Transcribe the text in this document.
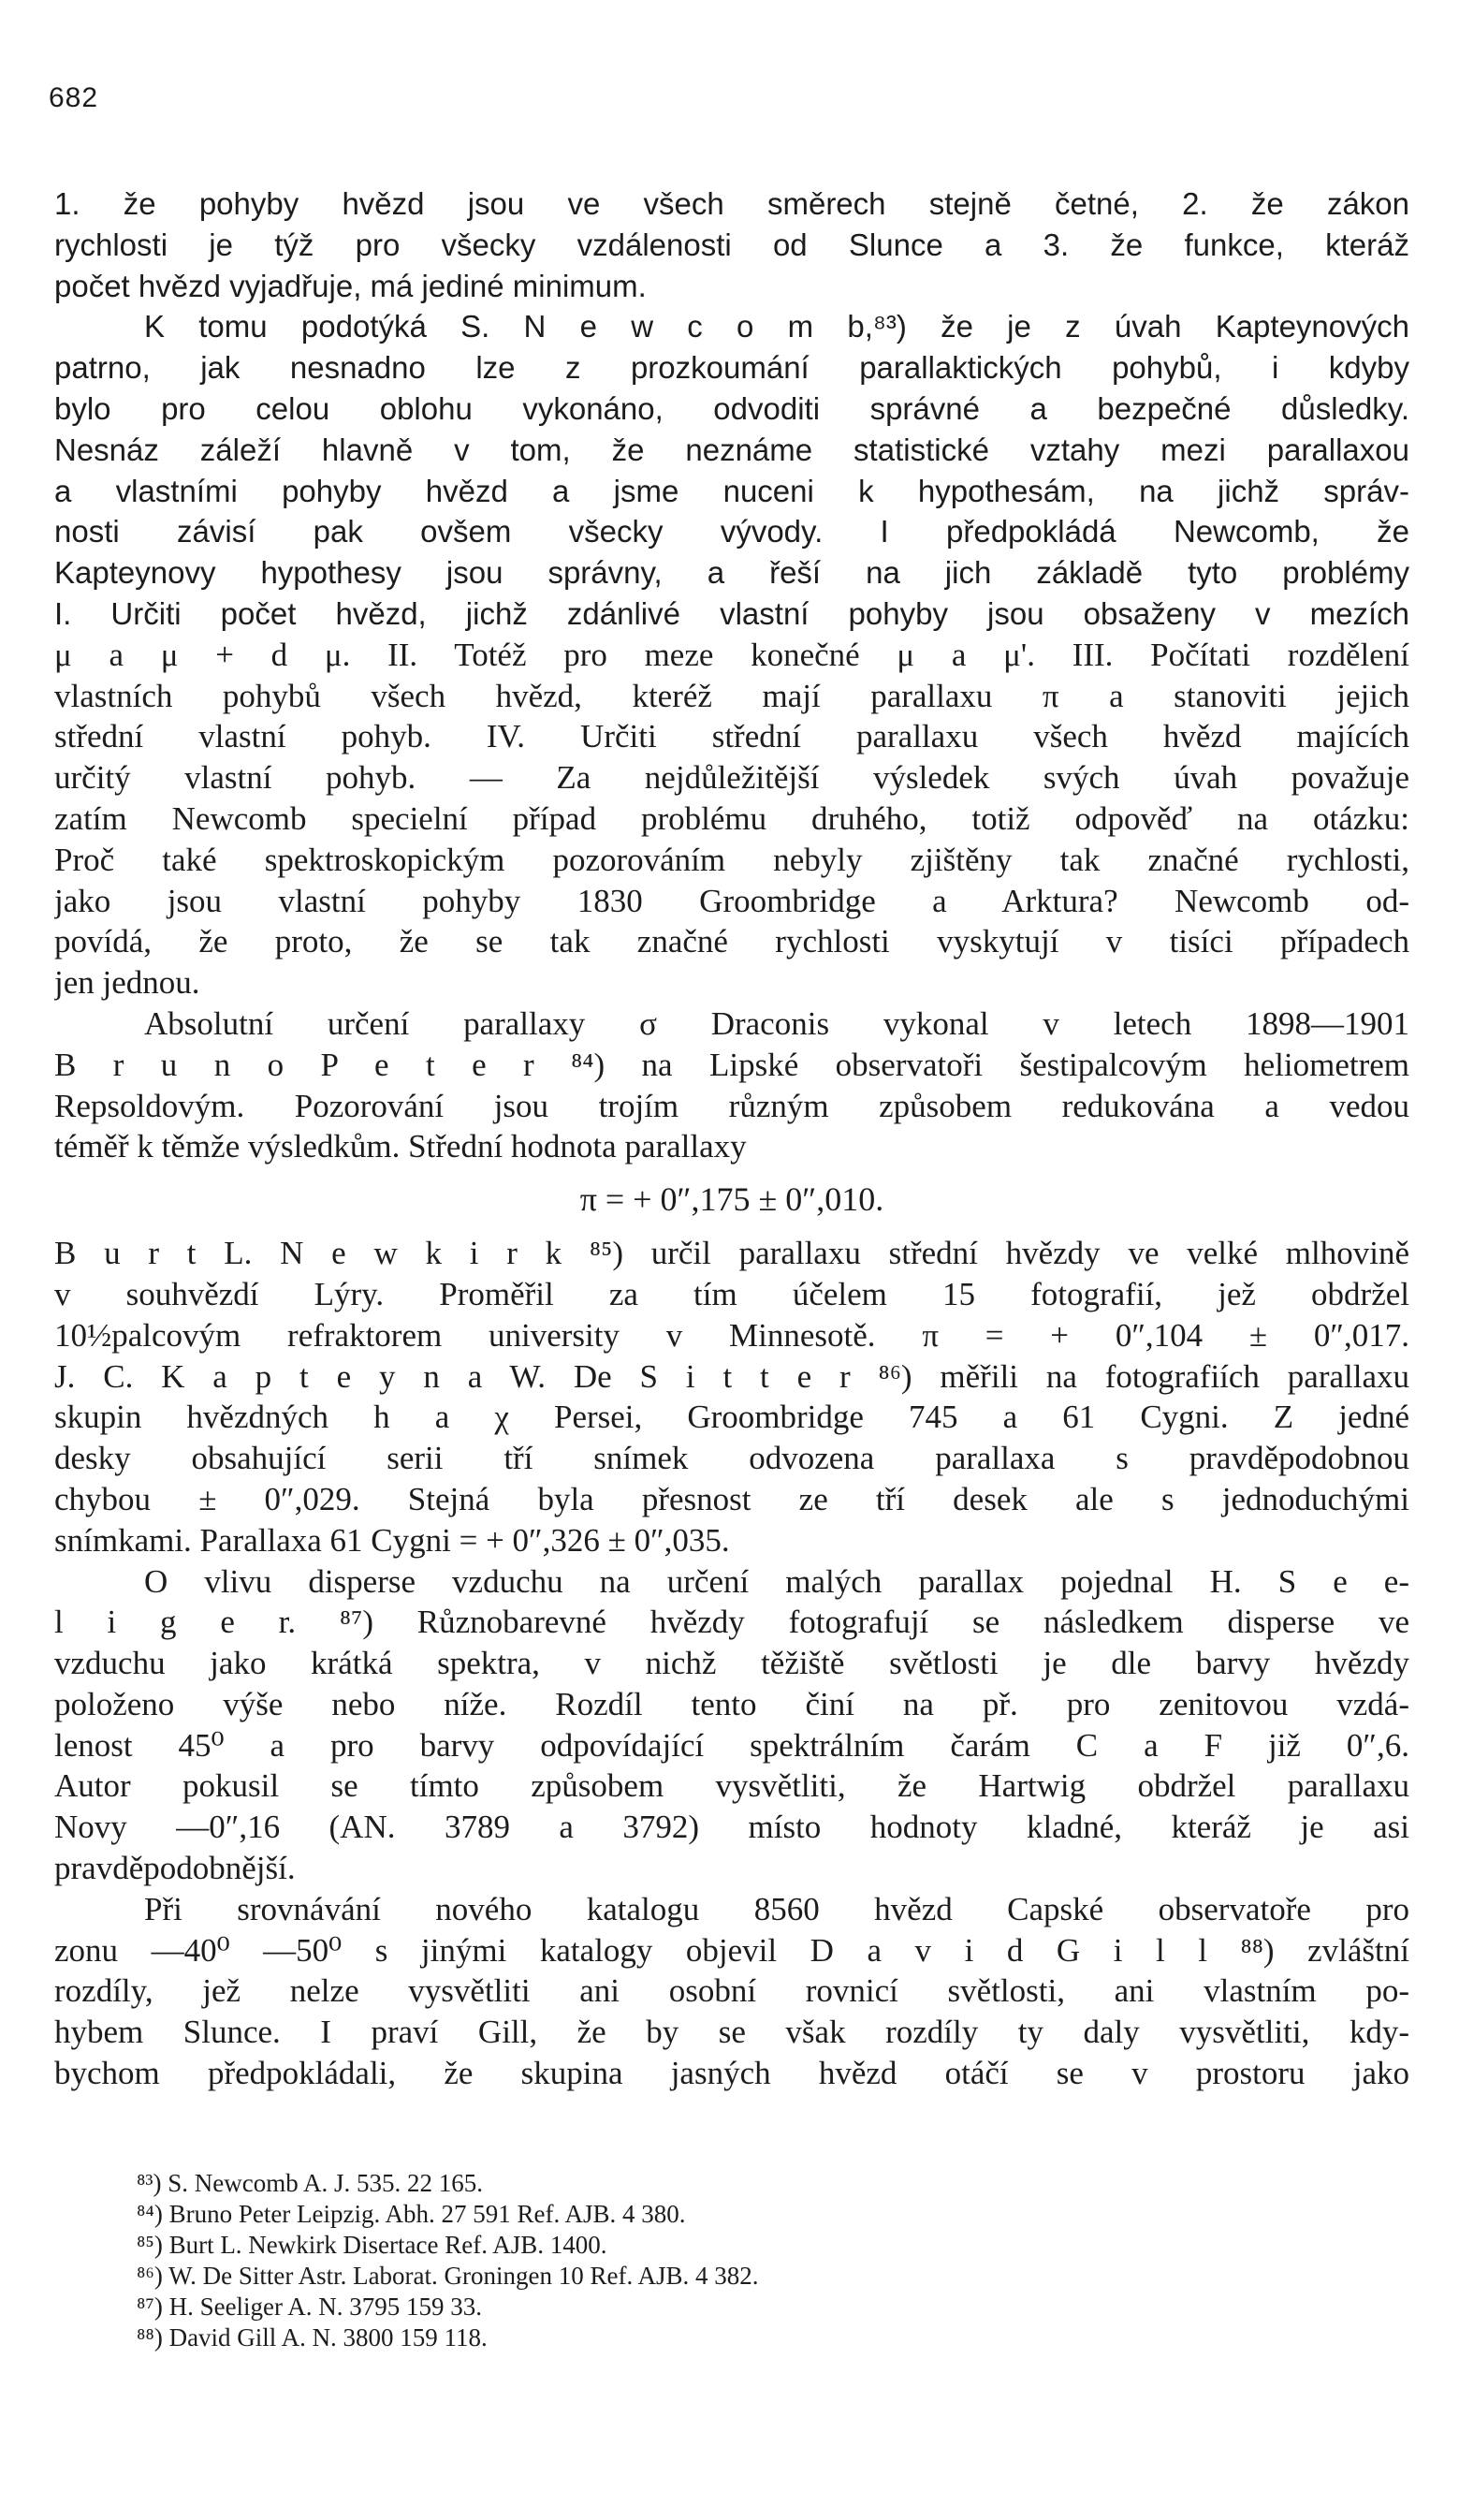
682
1. že pohyby hvězd jsou ve všech směrech stejně četné, 2. že zákon
rychlosti je týž pro všecky vzdálenosti od Slunce a 3. že funkce, kteráž
počet hvězd vyjadřuje, má jediné minimum.
K tomu podotýká S. N e w c o m b,⁸³) že je z úvah Kapteynových
patrno, jak nesnadno lze z prozkoumání parallaktických pohybů, i kdyby
bylo pro celou oblohu vykonáno, odvoditi správné a bezpečné důsledky.
Nesnáz záleží hlavně v tom, že neznáme statistické vztahy mezi parallaxou
a vlastními pohyby hvězd a jsme nuceni k hypothesám, na jichž správ-
nosti závisí pak ovšem všecky vývody. I předpokládá Newcomb, že
Kapteynovy hypothesy jsou správny, a řeší na jich základě tyto problémy
I. Určiti počet hvězd, jichž zdánlivé vlastní pohyby jsou obsaženy v mezích
μ a μ + d μ. II. Totéž pro meze konečné μ a μ'. III. Počítati rozdělení
vlastních pohybů všech hvězd, kteréž mají parallaxu π a stanoviti jejich
střední vlastní pohyb. IV. Určiti střední parallaxu všech hvězd majících
určitý vlastní pohyb. — Za nejdůležitější výsledek svých úvah považuje
zatím Newcomb specielní případ problému druhého, totiž odpověď na otázku:
Proč také spektroskopickým pozorováním nebyly zjištěny tak značné rychlosti,
jako jsou vlastní pohyby 1830 Groombridge a Arktura? Newcomb od-
povídá, že proto, že se tak značné rychlosti vyskytují v tisíci případech
jen jednou.
Absolutní určení parallaxy σ Draconis vykonal v letech 1898—1901
B r u n o P e t e r ⁸⁴) na Lipské observatoři šestipalcovým heliometrem
Repsoldovým. Pozorování jsou trojím různým způsobem redukována a vedou
téměř k těmže výsledkům. Střední hodnota parallaxy
π = + 0″,175 ± 0″,010.
B u r t L. N e w k i r k ⁸⁵) určil parallaxu střední hvězdy ve velké mlhovině
v souhvězdí Lýry. Proměřil za tím účelem 15 fotografií, jež obdržel
10½palcovým refraktorem university v Minnesotě. π = + 0″,104 ± 0″,017.
J. C. K a p t e y n a W. De S i t t e r ⁸⁶) měřili na fotografiích parallaxu
skupin hvězdných h a χ Persei, Groombridge 745 a 61 Cygni. Z jedné
desky obsahující serii tří snímek odvozena parallaxa s pravděpodobnou
chybou ± 0″,029. Stejná byla přesnost ze tří desek ale s jednoduchými
snímkami. Parallaxa 61 Cygni = + 0″,326 ± 0″,035.
O vlivu disperse vzduchu na určení malých parallax pojednal H. S e e-
l i g e r. ⁸⁷) Různobarevné hvězdy fotografují se následkem disperse ve
vzduchu jako krátká spektra, v nichž těžiště světlosti je dle barvy hvězdy
položeno výše nebo níže. Rozdíl tento činí na př. pro zenitovou vzdá-
lenost 45⁰ a pro barvy odpovídající spektrálním čarám C a F již 0″,6.
Autor pokusil se tímto způsobem vysvětliti, že Hartwig obdržel parallaxu
Novy —0″,16 (AN. 3789 a 3792) místo hodnoty kladné, kteráž je asi
pravděpodobnější.
Při srovnávání nového katalogu 8560 hvězd Capské observatoře pro
zonu —40⁰ —50⁰ s jinými katalogy objevil D a v i d G i l l ⁸⁸) zvláštní
rozdíly, jež nelze vysvětliti ani osobní rovnicí světlosti, ani vlastním po-
hybem Slunce. I praví Gill, že by se však rozdíly ty daly vysvětliti, kdy-
bychom předpokládali, že skupina jasných hvězd otáčí se v prostoru jako
⁸³) S. Newcomb A. J. 535. 22 165.
⁸⁴) Bruno Peter Leipzig. Abh. 27 591 Ref. AJB. 4 380.
⁸⁵) Burt L. Newkirk Disertace Ref. AJB. 1400.
⁸⁶) W. De Sitter Astr. Laborat. Groningen 10 Ref. AJB. 4 382.
⁸⁷) H. Seeliger A. N. 3795 159 33.
⁸⁸) David Gill A. N. 3800 159 118.
